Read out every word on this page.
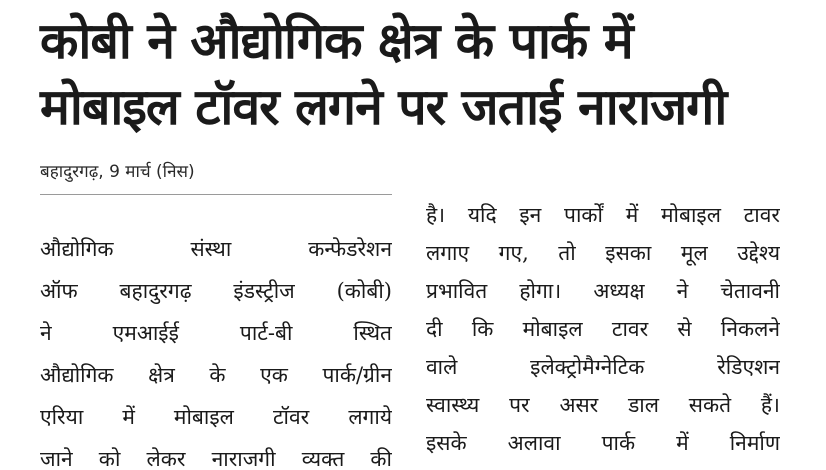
कोबी ने औद्योगिक क्षेत्र के पार्क में
मोबाइल टॉवर लगने पर जताई नाराजगी
बहादुरगढ़, 9 मार्च (निस)
औद्योगिक संस्था कन्फेडरेशन
ऑफ बहादुरगढ़ इंडस्ट्रीज (कोबी)
ने एमआईई पार्ट-बी स्थित
औद्योगिक क्षेत्र के एक पार्क/ग्रीन
एरिया में मोबाइल टॉवर लगाये
जाने को लेकर नाराजगी व्यक्त की
है। यदि इन पार्कों में मोबाइल टावर
लगाए गए, तो इसका मूल उद्देश्य
प्रभावित होगा। अध्यक्ष ने चेतावनी
दी कि मोबाइल टावर से निकलने
वाले इलेक्ट्रोमैग्नेटिक रेडिएशन
स्वास्थ्य पर असर डाल सकते हैं।
इसके अलावा पार्क में निर्माण
